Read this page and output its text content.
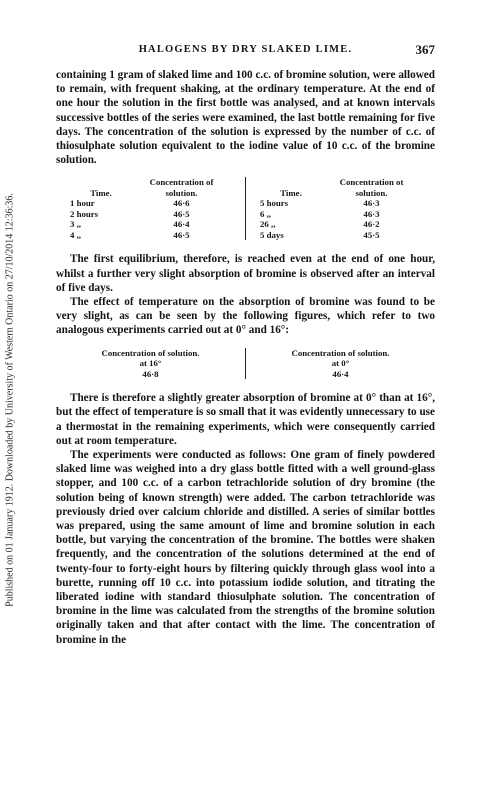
Published on 01 January 1912. Downloaded by University of Western Ontario on 27/10/2014 12:36:36.
HALOGENS BY DRY SLAKED LIME.	367

containing 1 gram of slaked lime and 100 c.c. of bromine solution, were allowed to remain, with frequent shaking, at the ordinary temperature. At the end of one hour the solution in the first bottle was analysed, and at known intervals successive bottles of the series were examined, the last bottle remaining for five days. The concentration of the solution is expressed by the number of c.c. of thiosulphate solution equivalent to the iodine value of 10 c.c. of the bromine solution.

Concentration of
Time.	solution.
1 hour	46·6
2 hours	46·5
3 ,,	46·4
4 ,,	46·5
Concentration ot
Time.	solution.
5 hours	46·3
6 ,,	46·3
26 ,,	46·2
5 days	45·5

The first equilibrium, therefore, is reached even at the end of one hour, whilst a further very slight absorption of bromine is observed after an interval of five days.

The effect of temperature on the absorption of bromine was found to be very slight, as can be seen by the following figures, which refer to two analogous experiments carried out at 0° and 16°:

Concentration of solution.
at 16°
46·8
Concentration of solution.
at 0°
46·4

There is therefore a slightly greater absorption of bromine at 0° than at 16°, but the effect of temperature is so small that it was evidently unnecessary to use a thermostat in the remaining experiments, which were consequently carried out at room temperature.

The experiments were conducted as follows: One gram of finely powdered slaked lime was weighed into a dry glass bottle fitted with a well ground-glass stopper, and 100 c.c. of a carbon tetrachloride solution of dry bromine (the solution being of known strength) were added. The carbon tetrachloride was previously dried over calcium chloride and distilled. A series of similar bottles was prepared, using the same amount of lime and bromine solution in each bottle, but varying the concentration of the bromine. The bottles were shaken frequently, and the concentration of the solutions determined at the end of twenty-four to forty-eight hours by filtering quickly through glass wool into a burette, running off 10 c.c. into potassium iodide solution, and titrating the liberated iodine with standard thiosulphate solution. The concentration of bromine in the lime was calculated from the strengths of the bromine solution originally taken and that after contact with the lime. The concentration of bromine in the
